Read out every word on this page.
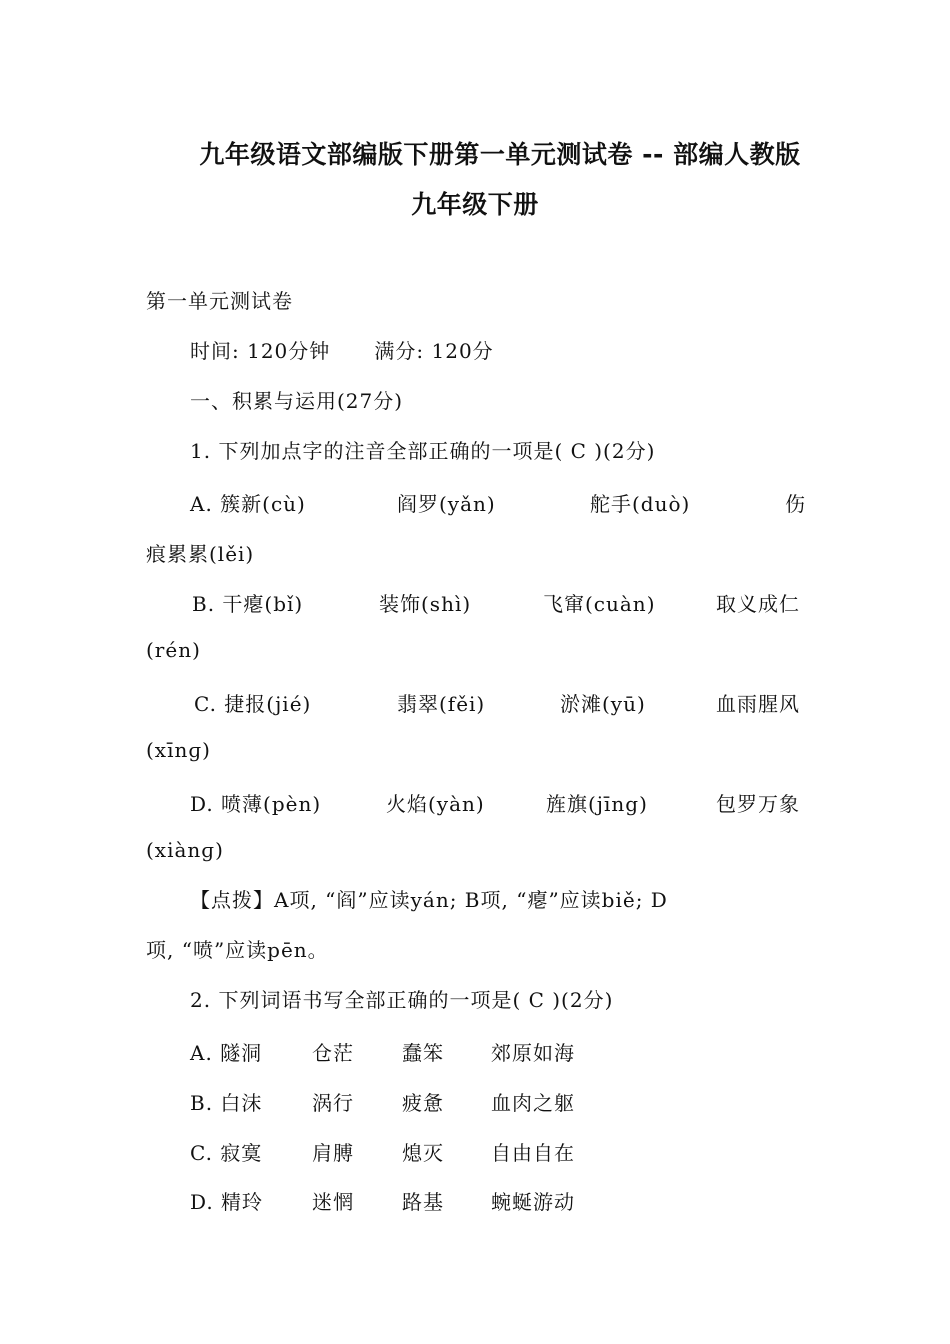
九年级语文部编版下册第一单元测试卷 -- 部编人教版
九年级下册
第一单元测试卷
时间: 120分钟      满分: 120分
一、积累与运用(27分)
1. 下列加点字的注音全部正确的一项是( C )(2分)
A. 簇新(cù)	阎罗(yǎn)	舵手(duò)	伤
痕累累(lěi)
B. 干瘪(bǐ)	装饰(shì)	飞窜(cuàn)	取义成仁
(rén)
C. 捷报(jié)	翡翠(fěi)	淤滩(yū)	血雨腥风
(xīnɡ)
D. 喷薄(pèn)	火焰(yàn)	旌旗(jīng)	包罗万象
(xiànɡ)
【点拨】A项, “阎”应读yán; B项, “瘪”应读biě; D
项, “喷”应读pēn。
2. 下列词语书写全部正确的一项是( C )(2分)
A. 隧洞 仓茫 蠢笨 郊原如海
B. 白沫 涡行 疲惫 血肉之躯
C. 寂寞 肩膊 熄灭 自由自在
D. 精玲 迷惘 路基 蜿蜒游动
